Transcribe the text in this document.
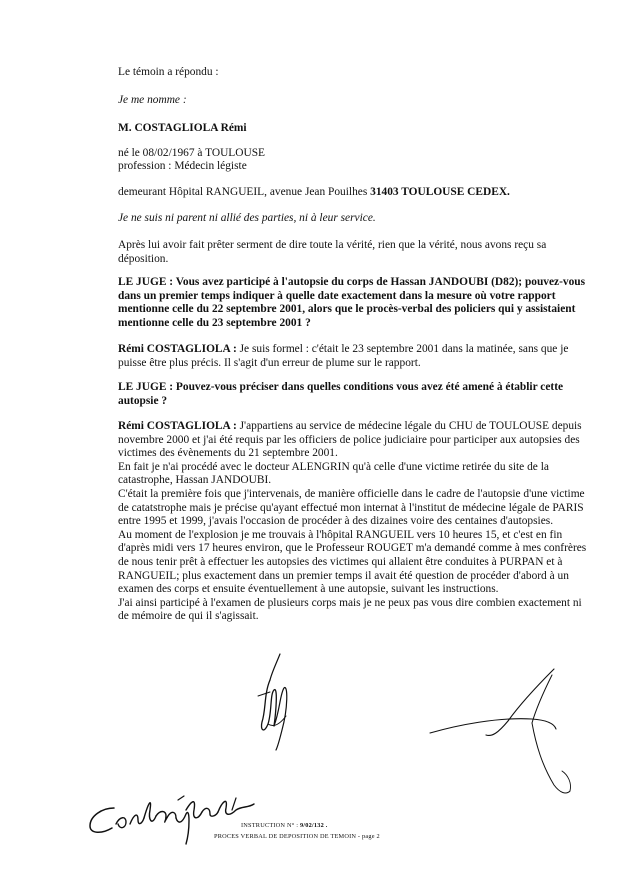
Le témoin a répondu :
Je me nomme :
M. COSTAGLIOLA Rémi
né le 08/02/1967 à TOULOUSE
profession : Médecin légiste
demeurant Hôpital RANGUEIL, avenue Jean Pouilhes 31403 TOULOUSE CEDEX.
Je ne suis ni parent ni allié des parties, ni à leur service.
Après lui avoir fait prêter serment de dire toute la vérité, rien que la vérité, nous avons reçu sa déposition.
LE JUGE : Vous avez participé à l'autopsie du corps de Hassan JANDOUBI (D82); pouvez-vous dans un premier temps indiquer à quelle date exactement dans la mesure où votre rapport mentionne celle du 22 septembre 2001, alors que le procès-verbal des policiers qui y assistaient mentionne celle du 23 septembre 2001 ?
Rémi COSTAGLIOLA : Je suis formel : c'était le 23 septembre 2001 dans la matinée, sans que je puisse être plus précis. Il s'agit d'un erreur de plume sur le rapport.
LE JUGE : Pouvez-vous préciser dans quelles conditions vous avez été amené à établir cette autopsie ?
Rémi COSTAGLIOLA : J'appartiens au service de médecine légale du CHU de TOULOUSE depuis novembre 2000 et j'ai été requis par les officiers de police judiciaire pour participer aux autopsies des victimes des évènements du 21 septembre 2001.
En fait je n'ai procédé avec le docteur ALENGRIN qu'à celle d'une victime retirée du site de la catastrophe, Hassan JANDOUBI.
C'était la première fois que j'intervenais, de manière officielle dans le cadre de l'autopsie d'une victime de catatstrophe mais je précise qu'ayant effectué mon internat à l'institut de médecine légale de PARIS entre 1995 et 1999, j'avais l'occasion de procéder à des dizaines voire des centaines d'autopsies.
Au moment de l'explosion je me trouvais à l'hôpital RANGUEIL vers 10 heures 15, et c'est en fin d'après midi vers 17 heures environ, que le Professeur ROUGET m'a demandé comme à mes confrères de nous tenir prêt à effectuer les autopsies des victimes qui allaient être conduites à PURPAN et à RANGUEIL; plus exactement dans un premier temps il avait été question de procéder d'abord à un examen des corps et ensuite éventuellement à une autopsie, suivant les instructions.
J'ai ainsi participé à l'examen de plusieurs corps mais je ne peux pas vous dire combien exactement ni de mémoire de qui il s'agissait.
INSTRUCTION N° : 9/02/132 .
PROCES VERBAL DE DEPOSITION DE TEMOIN - page 2
